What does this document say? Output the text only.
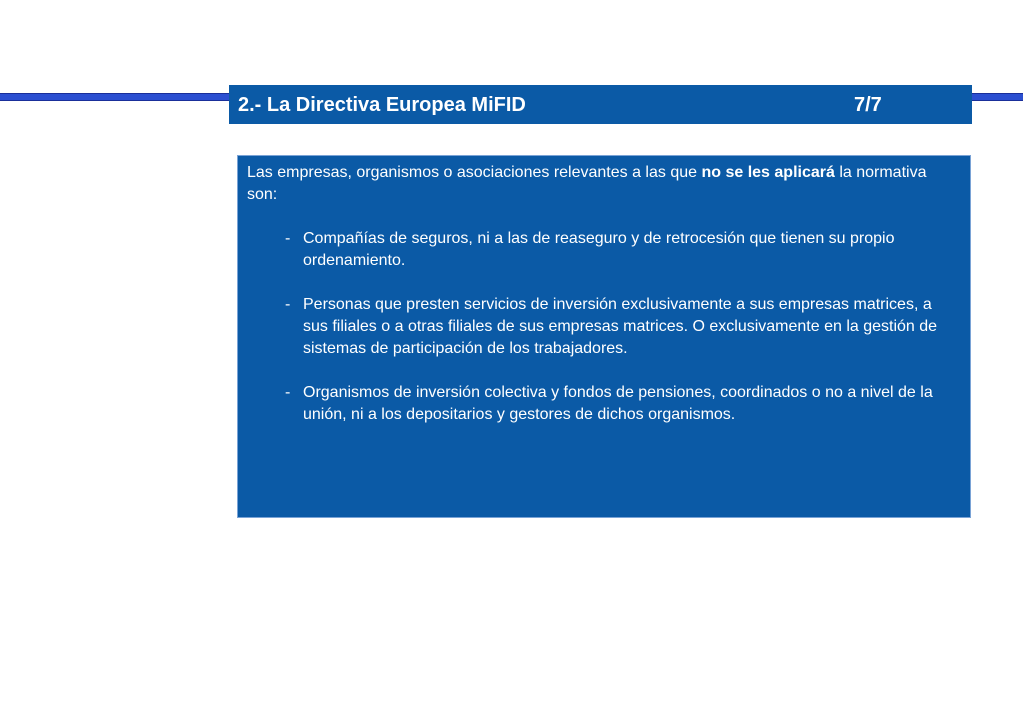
2.- La Directiva Europea MiFID	7/7

Las empresas, organismos o asociaciones relevantes a las que no se les aplicará la normativa son:

- Compañías de seguros, ni a las de reaseguro y de retrocesión que tienen su propio ordenamiento.
- Personas que presten servicios de inversión exclusivamente a sus empresas matrices, a sus filiales o a otras filiales de sus empresas matrices. O exclusivamente en la gestión de sistemas de participación de los trabajadores.
- Organismos de inversión colectiva y fondos de pensiones, coordinados o no a nivel de la unión, ni a los depositarios y gestores de dichos organismos.
